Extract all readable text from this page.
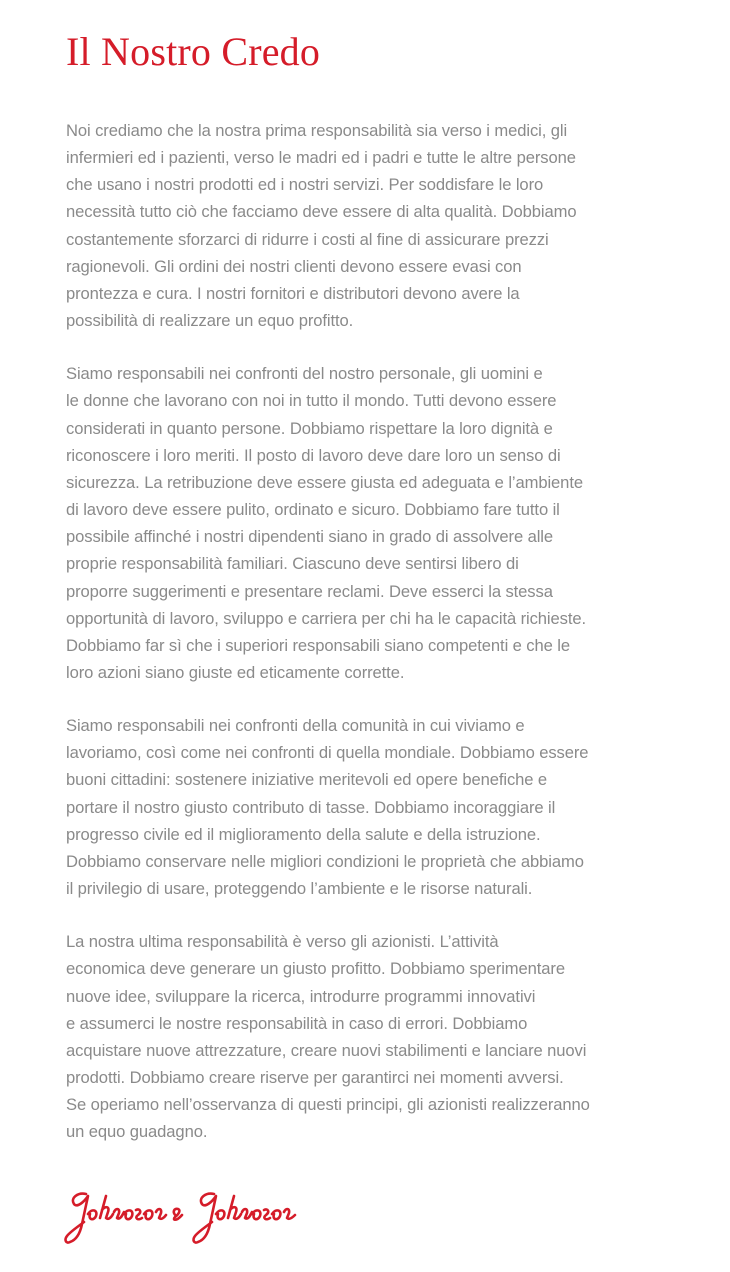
Il Nostro Credo

Noi crediamo che la nostra prima responsabilità sia verso i medici, gli
infermieri ed i pazienti, verso le madri ed i padri e tutte le altre persone
che usano i nostri prodotti ed i nostri servizi. Per soddisfare le loro
necessità tutto ciò che facciamo deve essere di alta qualità. Dobbiamo
costantemente sforzarci di ridurre i costi al fine di assicurare prezzi
ragionevoli. Gli ordini dei nostri clienti devono essere evasi con
prontezza e cura. I nostri fornitori e distributori devono avere la
possibilità di realizzare un equo profitto.

Siamo responsabili nei confronti del nostro personale, gli uomini e
le donne che lavorano con noi in tutto il mondo. Tutti devono essere
considerati in quanto persone. Dobbiamo rispettare la loro dignità e
riconoscere i loro meriti. Il posto di lavoro deve dare loro un senso di
sicurezza. La retribuzione deve essere giusta ed adeguata e l’ambiente
di lavoro deve essere pulito, ordinato e sicuro. Dobbiamo fare tutto il
possibile affinché i nostri dipendenti siano in grado di assolvere alle
proprie responsabilità familiari. Ciascuno deve sentirsi libero di
proporre suggerimenti e presentare reclami. Deve esserci la stessa
opportunità di lavoro, sviluppo e carriera per chi ha le capacità richieste.
Dobbiamo far sì che i superiori responsabili siano competenti e che le
loro azioni siano giuste ed eticamente corrette.

Siamo responsabili nei confronti della comunità in cui viviamo e
lavoriamo, così come nei confronti di quella mondiale. Dobbiamo essere
buoni cittadini: sostenere iniziative meritevoli ed opere benefiche e
portare il nostro giusto contributo di tasse. Dobbiamo incoraggiare il
progresso civile ed il miglioramento della salute e della istruzione.
Dobbiamo conservare nelle migliori condizioni le proprietà che abbiamo
il privilegio di usare, proteggendo l’ambiente e le risorse naturali.

La nostra ultima responsabilità è verso gli azionisti. L’attività
economica deve generare un giusto profitto. Dobbiamo sperimentare
nuove idee, sviluppare la ricerca, introdurre programmi innovativi
e assumerci le nostre responsabilità in caso di errori. Dobbiamo
acquistare nuove attrezzature, creare nuovi stabilimenti e lanciare nuovi
prodotti. Dobbiamo creare riserve per garantirci nei momenti avversi.
Se operiamo nell’osservanza di questi principi, gli azionisti realizzeranno
un equo guadagno.
